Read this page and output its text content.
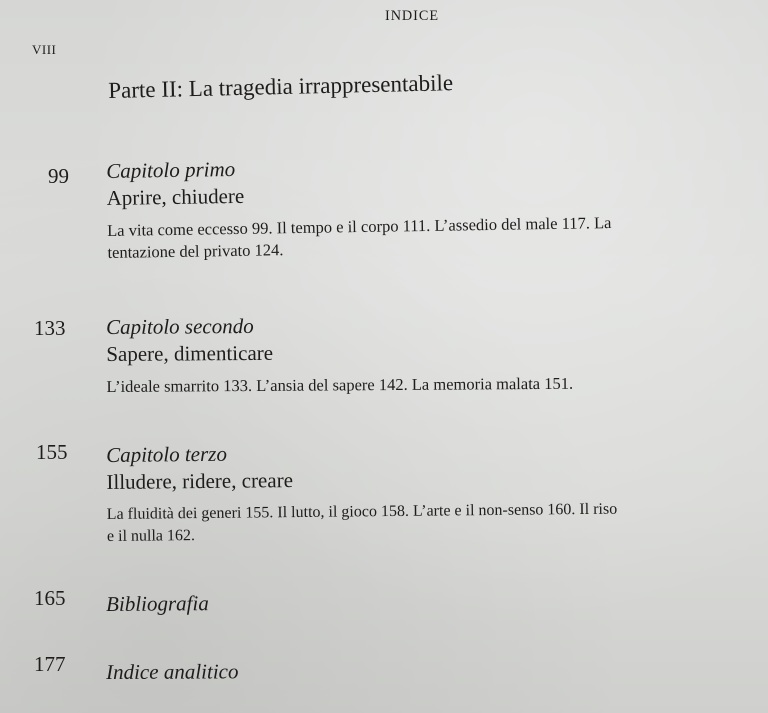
INDICE
VIII
Parte II: La tragedia irrappresentabile
99 Capitolo primo
Aprire, chiudere
La vita come eccesso 99. Il tempo e il corpo 111. L’assedio del male 117. La
tentazione del privato 124.
133 Capitolo secondo
Sapere, dimenticare
L’ideale smarrito 133. L’ansia del sapere 142. La memoria malata 151.
155 Capitolo terzo
Illudere, ridere, creare
La fluidità dei generi 155. Il lutto, il gioco 158. L’arte e il non-senso 160. Il riso
e il nulla 162.
165 Bibliografia
177 Indice analitico
